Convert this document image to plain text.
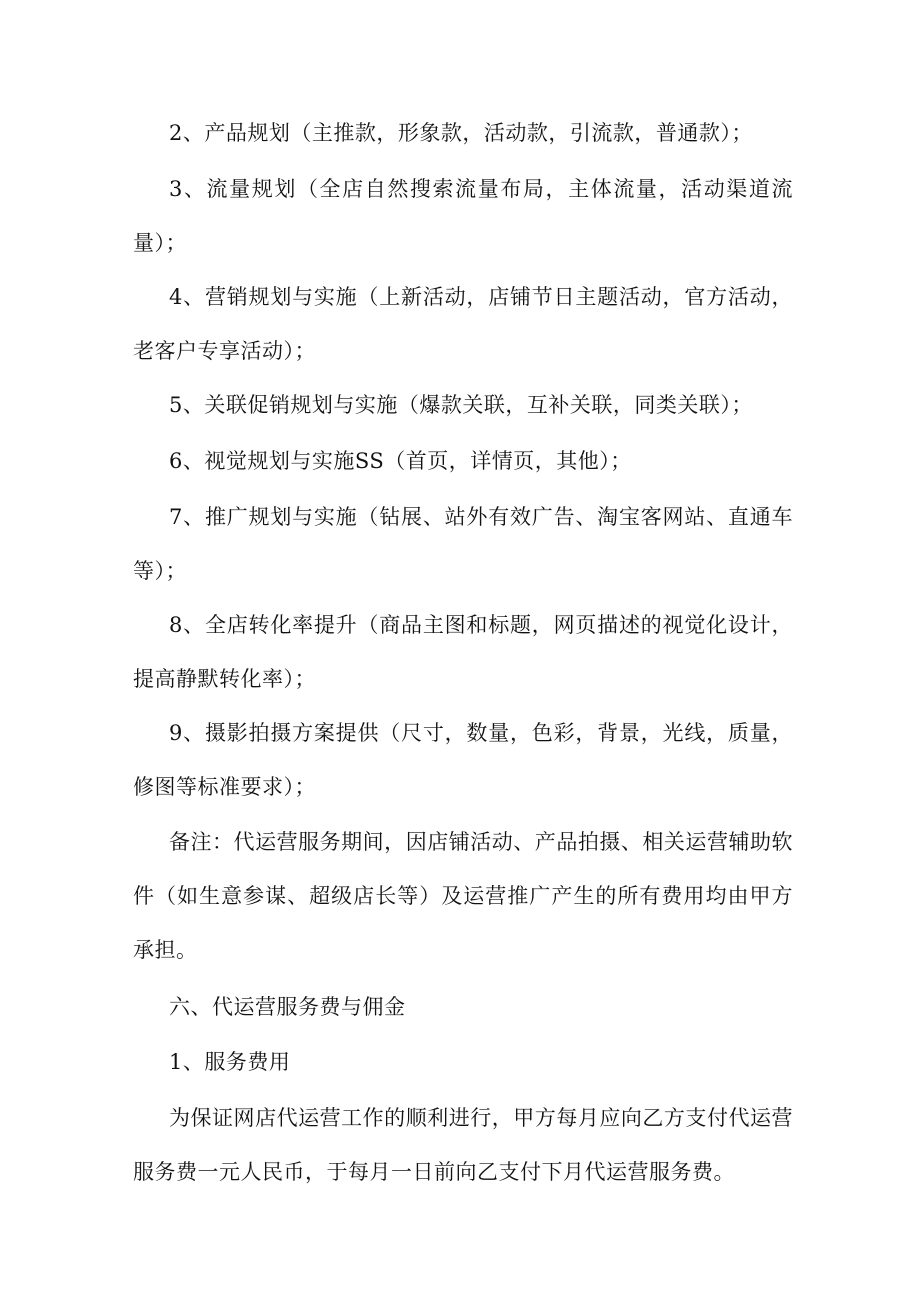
2、产品规划（主推款，形象款，活动款，引流款，普通款）；

3、流量规划（全店自然搜索流量布局，主体流量，活动渠道流量）；

4、营销规划与实施（上新活动，店铺节日主题活动，官方活动，老客户专享活动）；

5、关联促销规划与实施（爆款关联，互补关联，同类关联）；

6、视觉规划与实施SS（首页，详情页，其他）；

7、推广规划与实施（钻展、站外有效广告、淘宝客网站、直通车等）；

8、全店转化率提升（商品主图和标题，网页描述的视觉化设计，提高静默转化率）；

9、摄影拍摄方案提供（尺寸，数量，色彩，背景，光线，质量，修图等标准要求）；

备注：代运营服务期间，因店铺活动、产品拍摄、相关运营辅助软件（如生意参谋、超级店长等）及运营推广产生的所有费用均由甲方承担。

六、代运营服务费与佣金

1、服务费用

为保证网店代运营工作的顺利进行，甲方每月应向乙方支付代运营服务费一元人民币，于每月一日前向乙支付下月代运营服务费。
